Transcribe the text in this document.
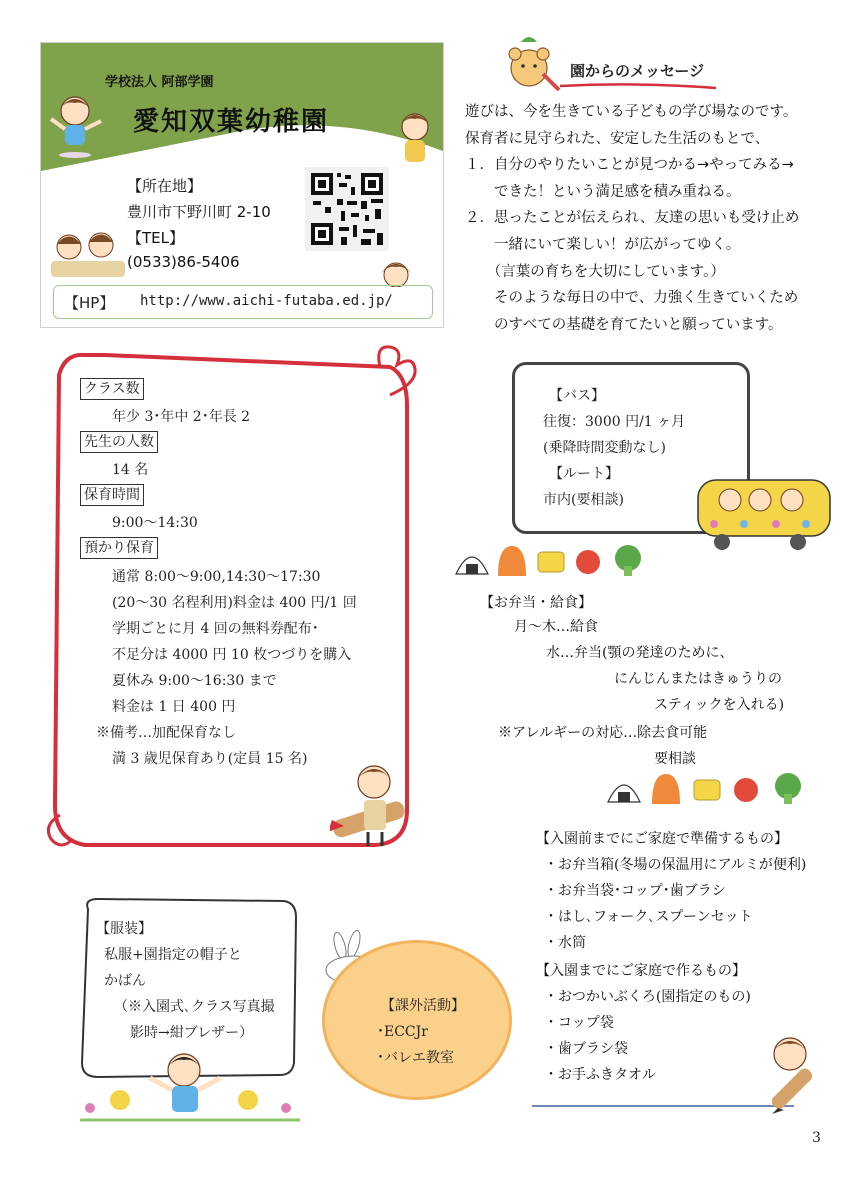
学校法人 阿部学園
愛知双葉幼稚園
【所在地】
豊川市下野川町 2-10
【TEL】
(0533)86-5406
【HP】 http://www.aichi-futaba.ed.jp/
園からのメッセージ
遊びは、今を生きている子どもの学び場なのです。
保育者に見守られた、安定した生活のもとで、
１．自分のやりたいことが見つかる→やってみる→
　　できた！という満足感を積み重ねる。
２．思ったことが伝えられ、友達の思いも受け止め
　　一緒にいて楽しい！が広がってゆく。
　　（言葉の育ちを大切にしています。）
　　そのような毎日の中で、力強く生きていくため
　　のすべての基礎を育てたいと願っています。
クラス数
年少 3･年中 2･年長 2
先生の人数
14 名
保育時間
9:00～14:30
預かり保育
通常 8:00～9:00,14:30～17:30
(20～30 名程利用)料金は 400 円/1 回
学期ごとに月 4 回の無料券配布･
不足分は 4000 円 10 枚つづりを購入
夏休み 9:00～16:30 まで
料金は 1 日 400 円
※備考…加配保育なし
満 3 歳児保育あり(定員 15 名)
【バス】
往復：3000 円/1 ヶ月
(乗降時間変動なし)
【ルート】
市内(要相談)
【お弁当・給食】
月～木…給食
水…弁当(顎の発達のために、
にんじんまたはきゅうりの
スティックを入れる)
※アレルギーの対応…除去食可能
要相談
【入園前までにご家庭で準備するもの】
・お弁当箱(冬場の保温用にアルミが便利)
・お弁当袋･コップ･歯ブラシ
・はし､フォーク､スプーンセット
・水筒
【入園までにご家庭で作るもの】
・おつかいぶくろ(園指定のもの)
・コップ袋
・歯ブラシ袋
・お手ふきタオル
【服装】
私服+園指定の帽子と
かばん
（※入園式､クラス写真撮
影時→紺ブレザー）
【課外活動】
･ECCJr
･バレエ教室
3
